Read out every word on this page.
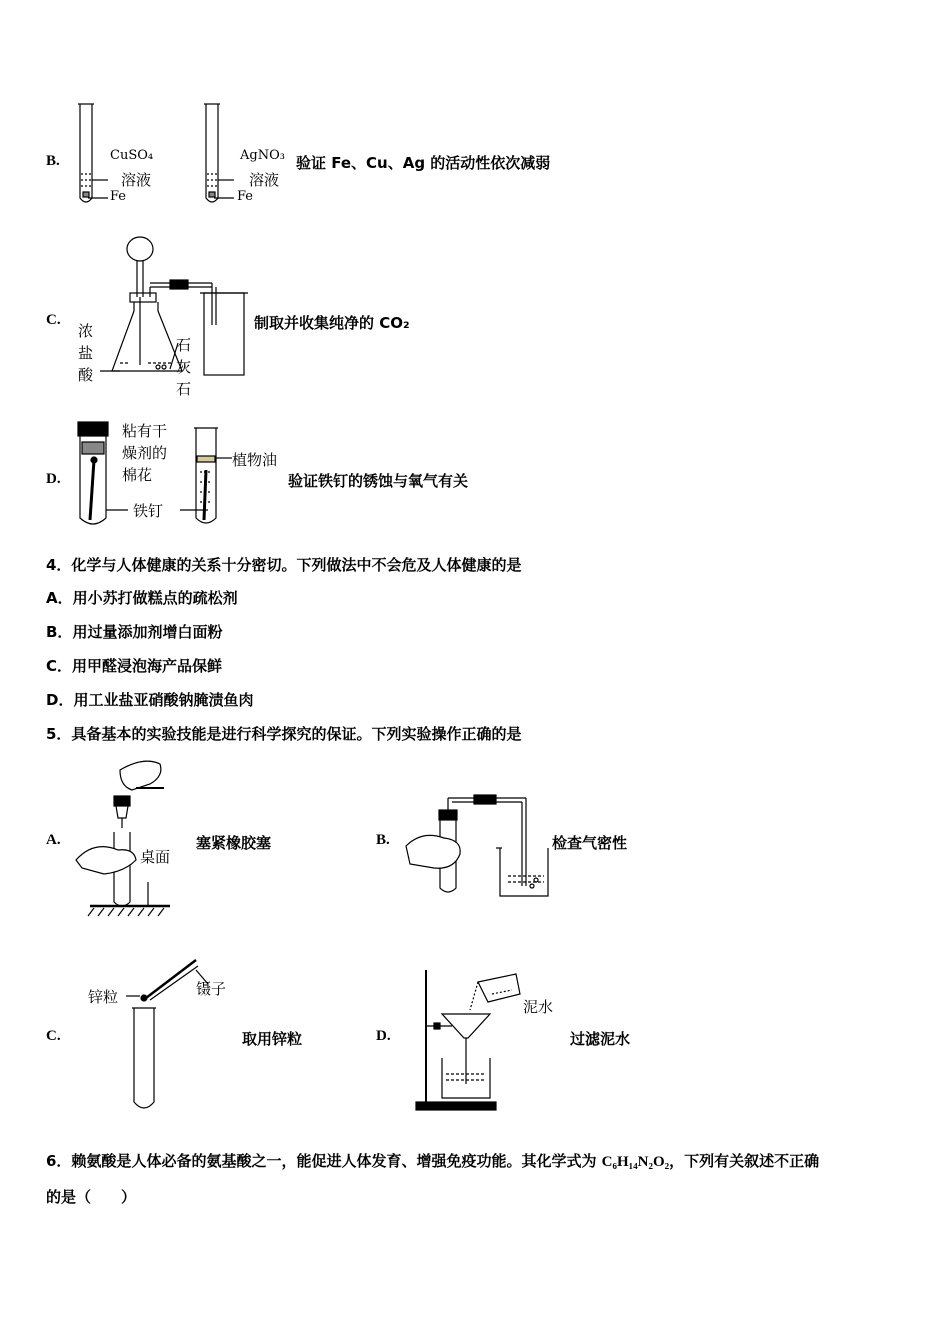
B.	CuSO₄
溶液
Fe
AgNO₃
溶液
Fe
验证 Fe、Cu、Ag 的活动性依次减弱
C.
浓盐酸
石灰石
制取并收集纯净的 CO₂
D.
粘有干
燥剂的
棉花
植物油
铁钉
验证铁钉的锈蚀与氧气有关
4．化学与人体健康的关系十分密切。下列做法中不会危及人体健康的是
A．用小苏打做糕点的疏松剂
B．用过量添加剂增白面粉
C．用甲醛浸泡海产品保鲜
D．用工业盐亚硝酸钠腌渍鱼肉
5．具备基本的实验技能是进行科学探究的保证。下列实验操作正确的是
A.
桌面
塞紧橡胶塞	B.	检查气密性
C.
锌粒	镊子
取用锌粒	D.
泥水
过滤泥水
6．赖氨酸是人体必备的氨基酸之一，能促进人体发育、增强免疫功能。其化学式为 C₆H₁₄N₂O₂，下列有关叙述不正确
的是（　　）
